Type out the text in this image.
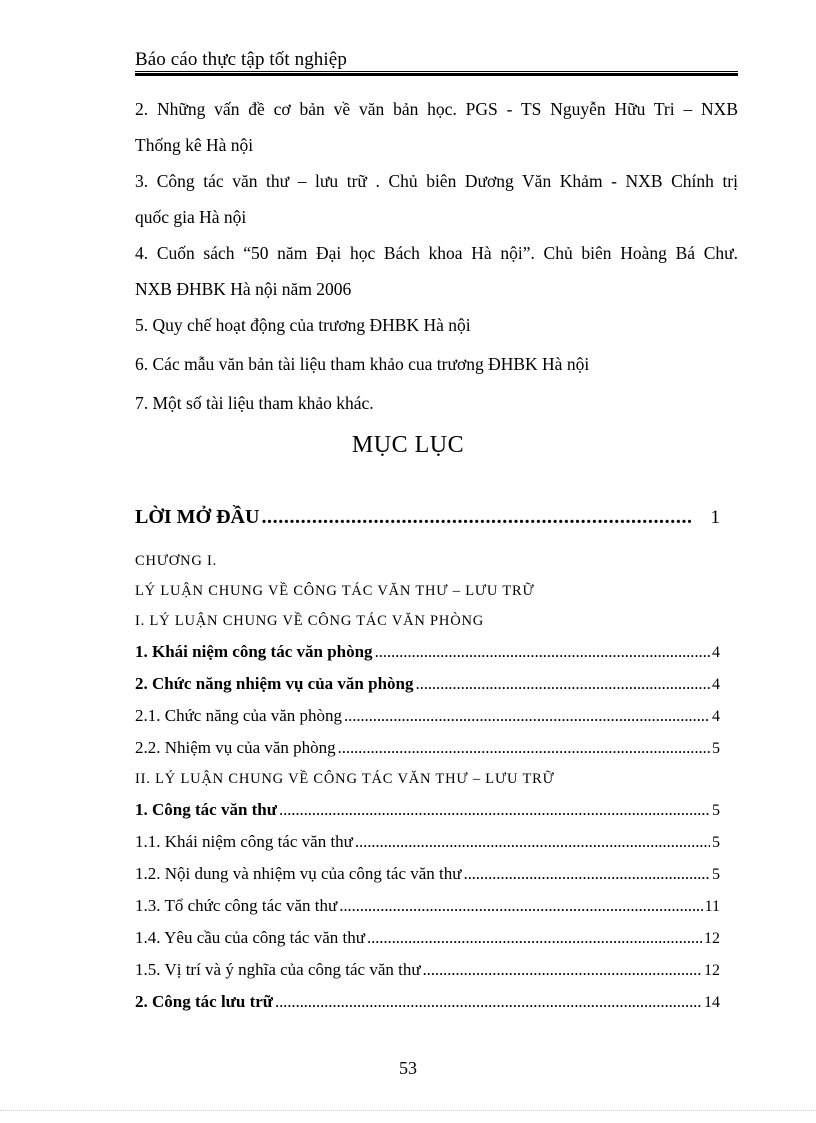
Báo cáo thực tập tốt nghiệp
2. Những vấn đề cơ bản về văn bản học. PGS - TS Nguyễn Hữu Tri – NXB
Thống kê Hà nội
3. Công tác văn thư – lưu trữ . Chủ biên Dương Văn Khảm - NXB Chính trị
quốc gia Hà nội
4. Cuốn sách “50 năm Đại học Bách khoa Hà nội”. Chủ biên Hoàng Bá Chư.
NXB ĐHBK Hà nội năm 2006
5. Quy chế hoạt động của trương ĐHBK Hà nội
6. Các mẫu văn bản tài liệu tham khảo cua trương ĐHBK Hà nội
7. Một số tài liệu tham khảo khác.
MỤC LỤC
LỜI MỞ ĐẦU . . .	1
CHƯƠNG I.
LÝ LUẬN CHUNG VỀ CÔNG TÁC VĂN THƯ – LƯU TRỮ
I. LÝ LUẬN CHUNG VỀ CÔNG TÁC VĂN PHÒNG
1. Khái niệm công tác văn phòng . . .	4
2. Chức năng nhiệm vụ của văn phòng . . .	4
2.1. Chức năng của văn phòng . . .	4
2.2. Nhiệm vụ của văn phòng . . .	5
II. LÝ LUẬN CHUNG VỀ CÔNG TÁC VĂN THƯ – LƯU TRỮ
1. Công tác văn thư . . .	5
1.1. Khái niệm công tác văn thư . . .	5
1.2. Nội dung và nhiệm vụ của công tác văn thư . . .	5
1.3. Tổ chức công tác văn thư . . .	11
1.4. Yêu cầu của công tác văn thư . . .	12
1.5. Vị trí và ý nghĩa của công tác văn thư . . .	12
2. Công tác lưu trữ . . .	14
53
